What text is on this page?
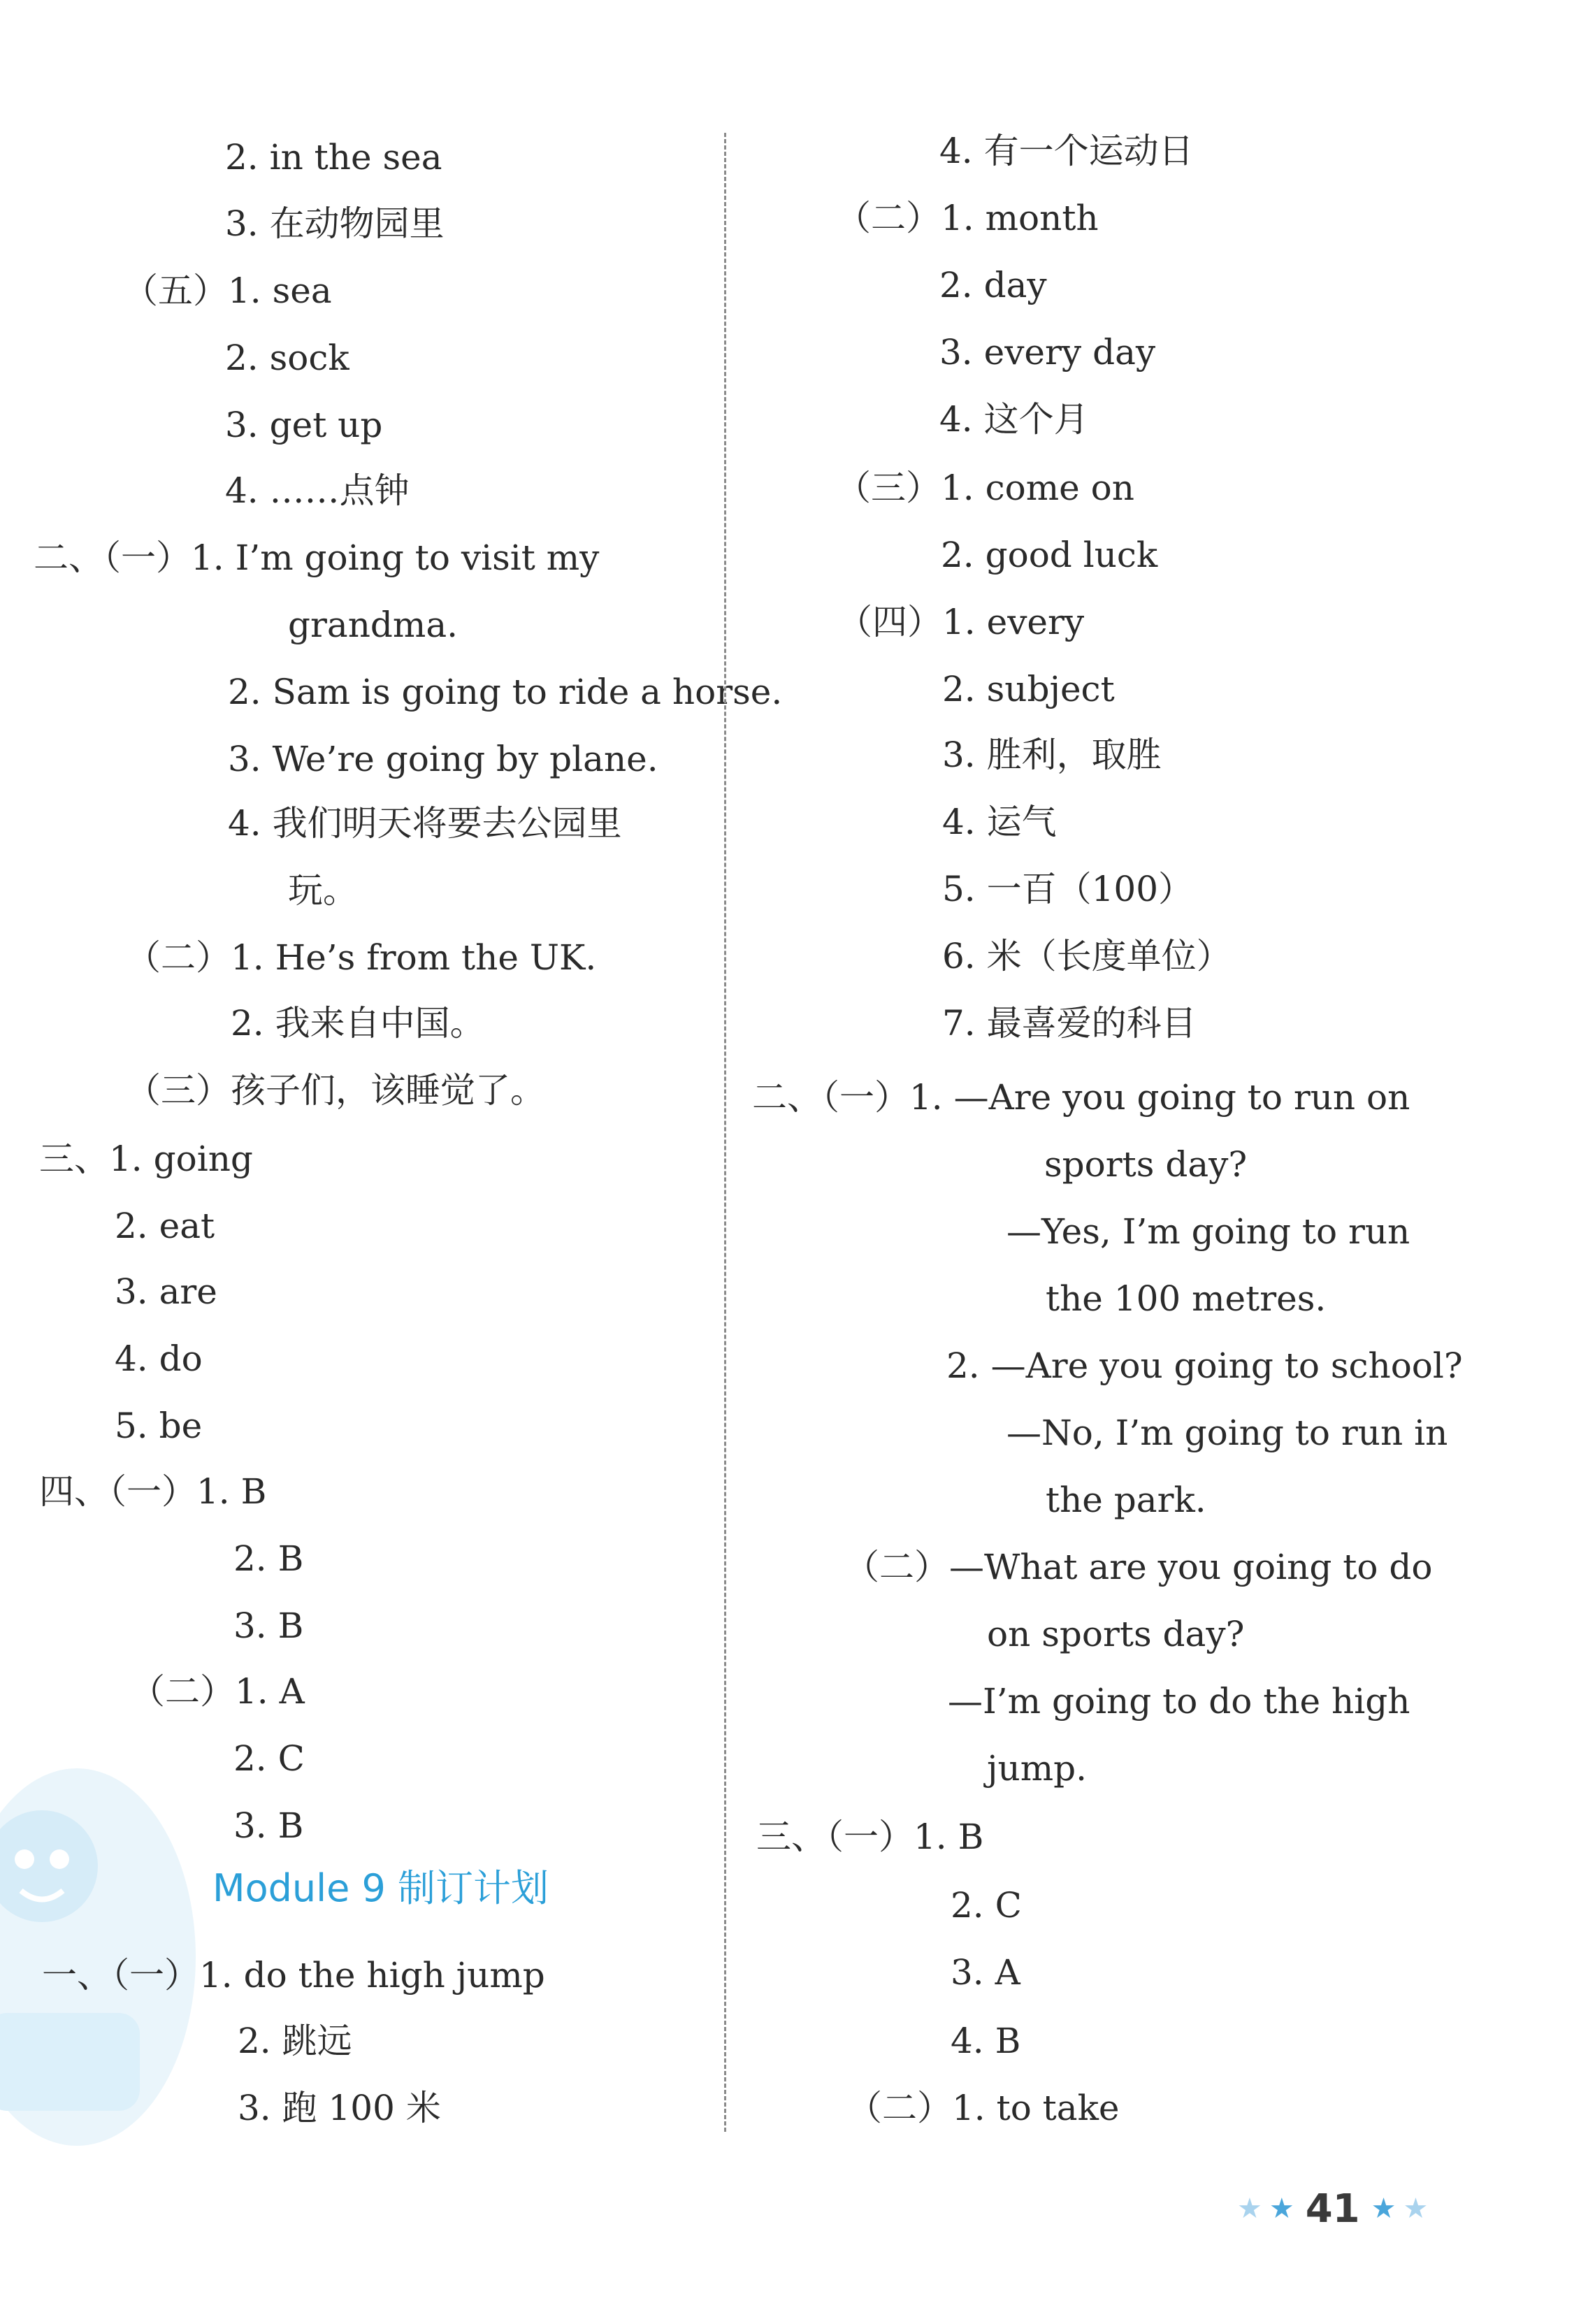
2. in the sea
3. 在动物园里
（五）1. sea
2. sock
3. get up
4. ……点钟
二、（一）1. I’m going to visit my
grandma.
2. Sam is going to ride a horse.
3. We’re going by plane.
4. 我们明天将要去公园里
玩。
（二）1. He’s from the UK.
2. 我来自中国。
（三）孩子们，该睡觉了。
三、1. going
2. eat
3. are
4. do
5. be
四、（一）1. B
2. B
3. B
（二）1. A
2. C
3. B
Module 9 制订计划
一、（一）1. do the high jump
2. 跳远
3. 跑 100 米
4. 有一个运动日
（二）1. month
2. day
3. every day
4. 这个月
（三）1. come on
2. good luck
（四）1. every
2. subject
3. 胜利，取胜
4. 运气
5. 一百（100）
6. 米（长度单位）
7. 最喜爱的科目
二、（一）1. —Are you going to run on
sports day?
—Yes, I’m going to run
the 100 metres.
2. —Are you going to school?
—No, I’m going to run in
the park.
（二）—What are you going to do
on sports day?
—I’m going to do the high
jump.
三、（一）1. B
2. C
3. A
4. B
（二）1. to take
★ ★ 41 ★ ★
